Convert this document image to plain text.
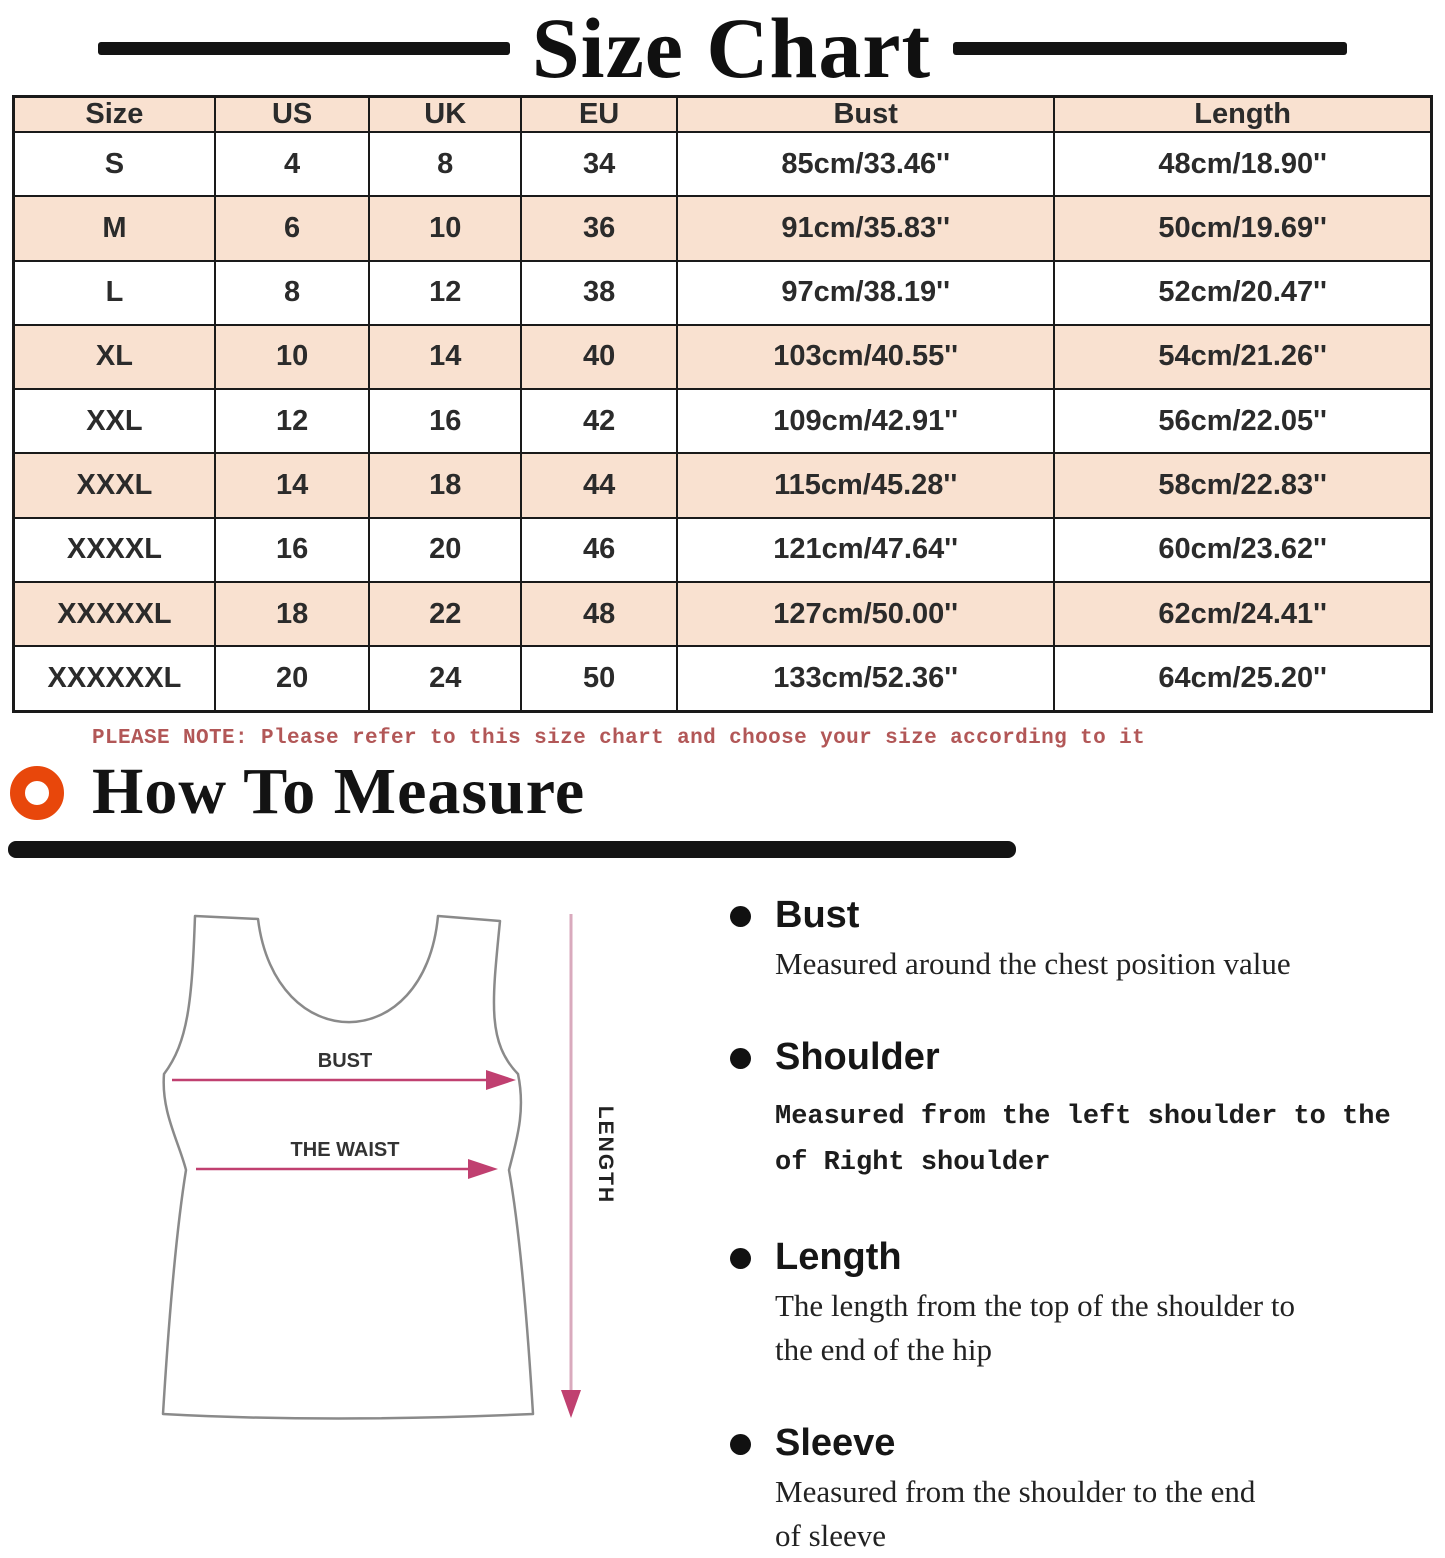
Size Chart
Size	US	UK	EU	Bust	Length
S	4	8	34	85cm/33.46''	48cm/18.90''
M	6	10	36	91cm/35.83''	50cm/19.69''
L	8	12	38	97cm/38.19''	52cm/20.47''
XL	10	14	40	103cm/40.55''	54cm/21.26''
XXL	12	16	42	109cm/42.91''	56cm/22.05''
XXXL	14	18	44	115cm/45.28''	58cm/22.83''
XXXXL	16	20	46	121cm/47.64''	60cm/23.62''
XXXXXL	18	22	48	127cm/50.00''	62cm/24.41''
XXXXXXL	20	24	50	133cm/52.36''	64cm/25.20''
PLEASE NOTE: Please refer to this size chart and choose your size according to it
How To Measure
BUST
THE WAIST	LENGTH
Bust
Measured around the chest position value
Shoulder
Measured from the left shoulder to the
of Right shoulder
Length
The length from the top of the shoulder to
the end of the hip
Sleeve
Measured from the shoulder to the end
of sleeve
